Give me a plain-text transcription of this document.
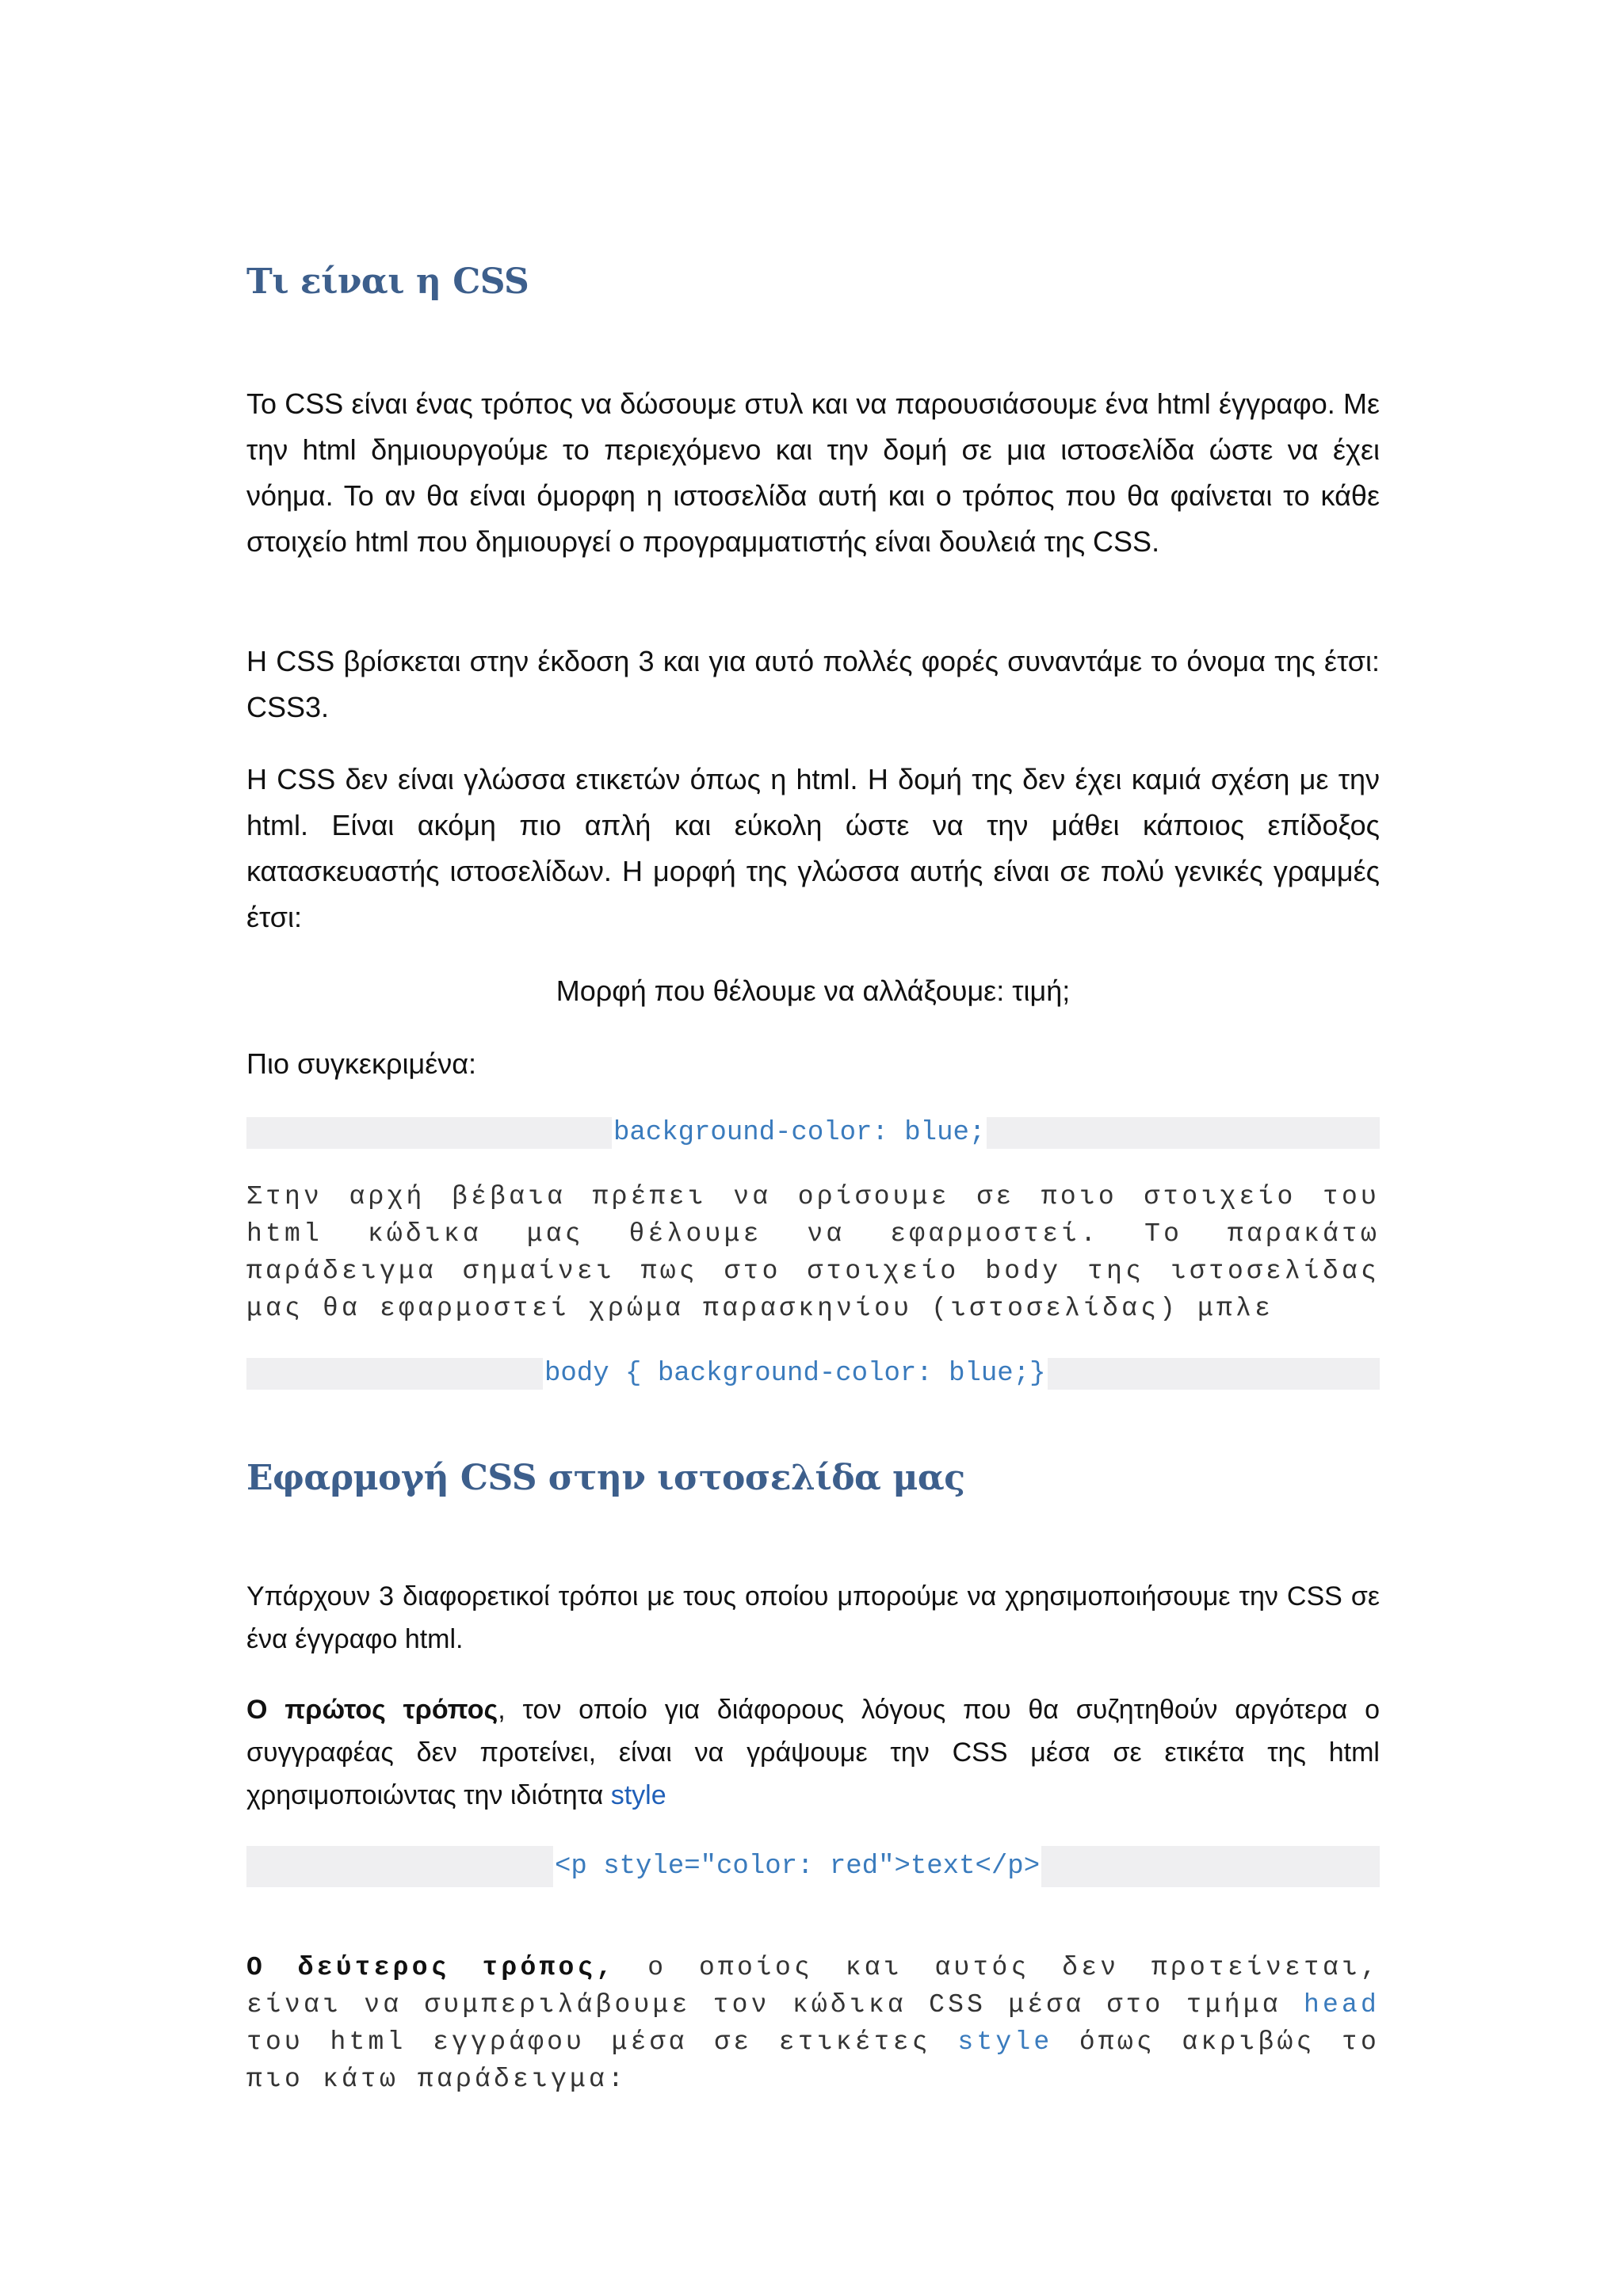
Τι είναι η CSS

Το CSS είναι ένας τρόπος να δώσουμε στυλ και να παρουσιάσουμε ένα html έγγραφο. Με την html δημιουργούμε το περιεχόμενο και την δομή σε μια ιστοσελίδα ώστε να έχει νόημα. Το αν θα είναι όμορφη η ιστοσελίδα αυτή και ο τρόπος που θα φαίνεται το κάθε στοιχείο html που δημιουργεί ο προγραμματιστής είναι δουλειά της CSS.

Η CSS βρίσκεται στην έκδοση 3 και για αυτό πολλές φορές συναντάμε το όνομα της έτσι: CSS3.

Η CSS δεν είναι γλώσσα ετικετών όπως η html. Η δομή της δεν έχει καμιά σχέση με την html. Είναι ακόμη πιο απλή και εύκολη ώστε να την μάθει κάποιος επίδοξος κατασκευαστής ιστοσελίδων. Η μορφή της γλώσσα αυτής είναι σε πολύ γενικές γραμμές έτσι:

Μορφή που θέλουμε να αλλάξουμε: τιμή;

Πιο συγκεκριμένα:

background-color: blue;

Στην αρχή βέβαια πρέπει να ορίσουμε σε ποιο στοιχείο του html κώδικα μας θέλουμε να εφαρμοστεί. Το παρακάτω παράδειγμα σημαίνει πως στο στοιχείο body της ιστοσελίδας μας θα εφαρμοστεί χρώμα παρασκηνίου (ιστοσελίδας) μπλε

body { background-color: blue;}
Εφαρμογή CSS στην ιστοσελίδα μας

Υπάρχουν 3 διαφορετικοί τρόποι με τους οποίου μπορούμε να χρησιμοποιήσουμε την CSS σε ένα έγγραφο html.

Ο πρώτος τρόπος, τον οποίο για διάφορους λόγους που θα συζητηθούν αργότερα ο συγγραφέας δεν προτείνει, είναι να γράψουμε την CSS μέσα σε ετικέτα της html χρησιμοποιώντας την ιδιότητα style

<p style="color: red">text</p>

Ο δεύτερος τρόπος, ο οποίος και αυτός δεν προτείνεται, είναι να συμπεριλάβουμε τον κώδικα CSS μέσα στο τμήμα head του html εγγράφου μέσα σε ετικέτες style όπως ακριβώς το πιο κάτω παράδειγμα:
